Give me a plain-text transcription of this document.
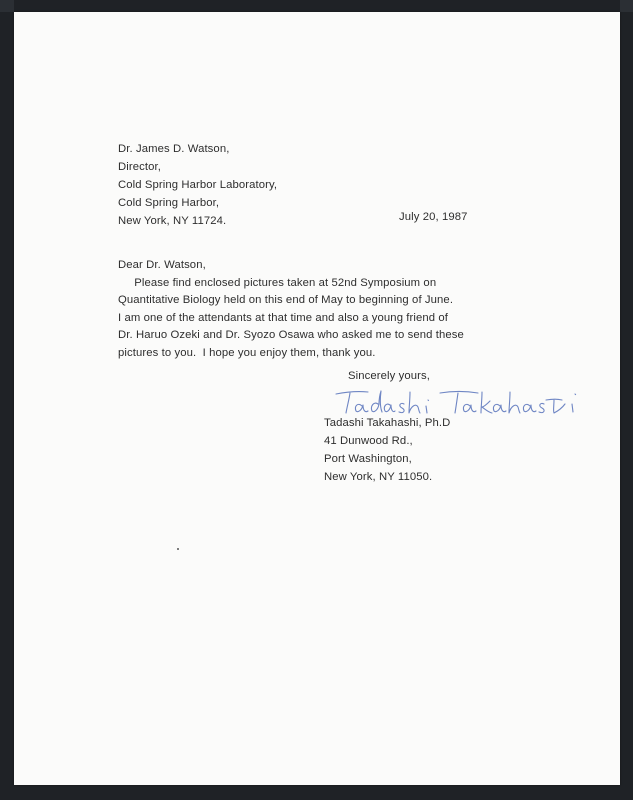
Dr. James D. Watson,
Director,
Cold Spring Harbor Laboratory,
Cold Spring Harbor,
New York, NY 11724.	July 20, 1987
Dear Dr. Watson,
Please find enclosed pictures taken at 52nd Symposium on
Quantitative Biology held on this end of May to beginning of June.
I am one of the attendants at that time and also a young friend of
Dr. Haruo Ozeki and Dr. Syozo Osawa who asked me to send these
pictures to you.  I hope you enjoy them, thank you.
Sincerely yours,
Tadashi Takahashi, Ph.D
41 Dunwood Rd.,
Port Washington,
New York, NY 11050.
